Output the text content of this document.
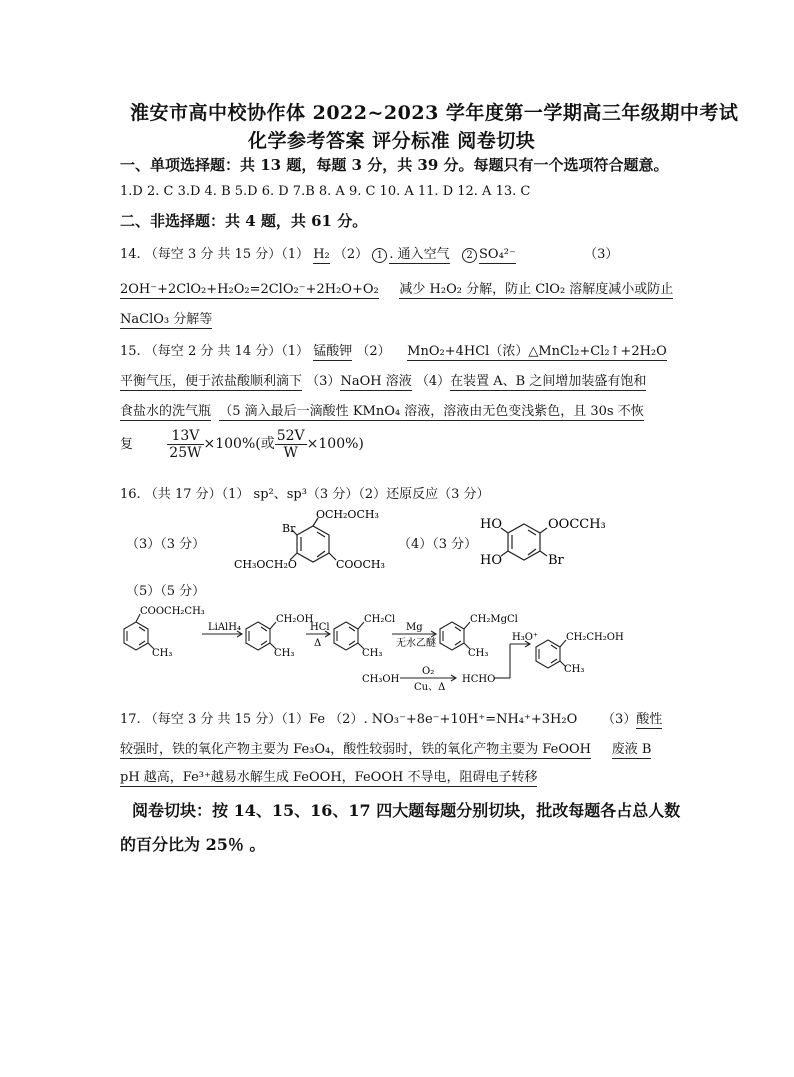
淮安市高中校协作体 2022~2023 学年度第一学期高三年级期中考试
化学参考答案 评分标准 阅卷切块
一、单项选择题：共 13 题，每题 3 分，共 39 分。每题只有一个选项符合题意。
1.D 2. C 3.D 4. B 5.D 6. D 7.B 8. A 9. C 10. A 11. D 12. A 13. C
二、非选择题：共 4 题，共 61 分。
14. （每空 3 分 共 15 分）（1） H₂ （2） 1 . 通入空气 2 SO₄²⁻	（3）
2OH⁻+2ClO₂+H₂O₂=2ClO₂⁻+2H₂O+O₂ 减少 H₂O₂ 分解，防止 ClO₂ 溶解度减小或防止
NaClO₃ 分解等
15. （每空 2 分 共 14 分）（1） 锰酸钾 （2） MnO₂+4HCl（浓）△MnCl₂+Cl₂↑+2H₂O
平衡气压，便于浓盐酸顺利滴下 （3）NaOH 溶液 （4）在装置 A、B 之间增加装盛有饱和
食盐水的洗气瓶 （5 滴入最后一滴酸性 KMnO₄ 溶液，溶液由无色变浅紫色，且 30s 不恢
复 $\frac{13V}{25W} \times 100\%$(或 $\frac{52V}{W} \times 100\%$)
16. （共 17 分）（1） sp²、sp³（3 分）（2）还原反应（3 分）
（3）（3 分）	（4）（3 分）
（5）（5 分）
OCH₂OCH₃
Br
CH₃OCH₂O	COOCH₃
HO
HO
OOCCH₃
Br
COOCH₂CH₃
CH₃
LiAlH₄
CH₂OH
CH₃
HCl
Δ
CH₂Cl
CH₃
Mg
无水乙醚
CH₂MgCl
CH₃
H₃O⁺	CH₂CH₂OH
CH₃
CH₃OH
O₂
Cu、Δ
HCHO
17. （每空 3 分 共 15 分）（1）Fe （2）. NO₃⁻+8e⁻+10H⁺=NH₄⁺+3H₂O （3）酸性
较强时，铁的氧化产物主要为 Fe₃O₄，酸性较弱时，铁的氧化产物主要为 FeOOH 废液 B
pH 越高，Fe³⁺越易水解生成 FeOOH，FeOOH 不导电，阻碍电子转移
阅卷切块：按 14、15、16、17 四大题每题分别切块，批改每题各占总人数
的百分比为 25％ 。
